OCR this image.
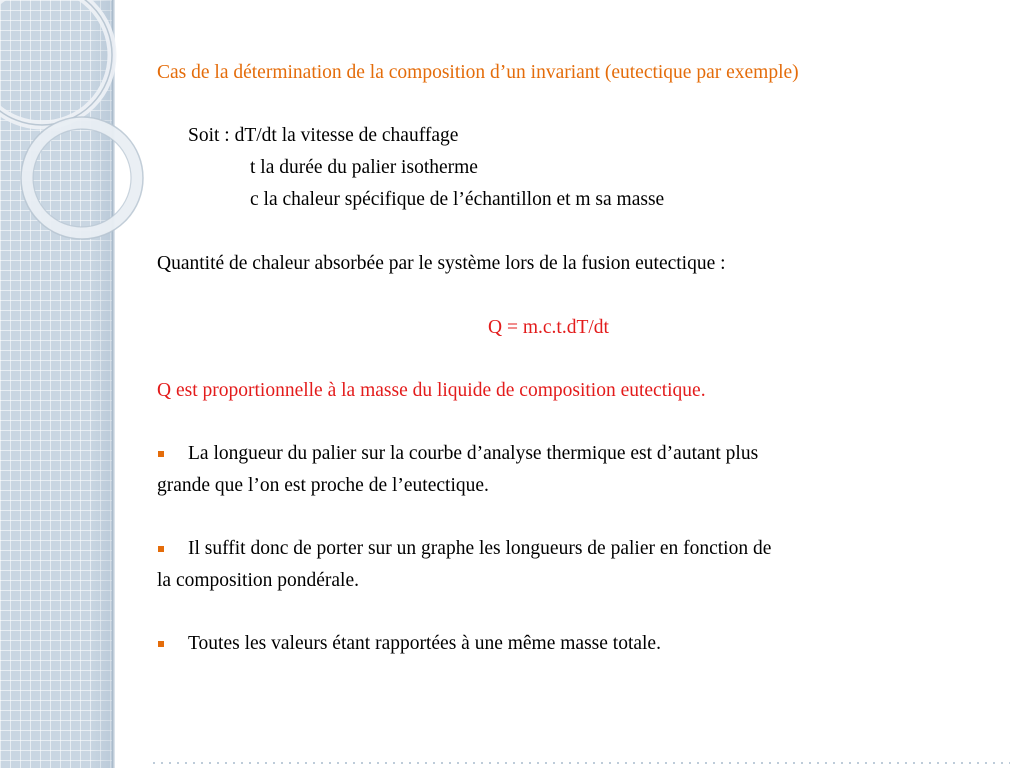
Cas de la détermination de la composition d’un invariant (eutectique par exemple)
Soit : dT/dt la vitesse de chauffage
t la durée du palier isotherme
c la chaleur spécifique de l’échantillon et m sa masse
Quantité de chaleur absorbée par le système lors de la fusion eutectique :
Q = m.c.t.dT/dt
Q est proportionnelle à la masse du liquide de composition eutectique.
La longueur du palier sur la courbe d’analyse thermique est d’autant plus
grande que l’on est proche de l’eutectique.
Il suffit donc de porter sur un graphe les longueurs de palier en fonction de
la composition pondérale.
Toutes les valeurs étant rapportées à une même masse totale.
